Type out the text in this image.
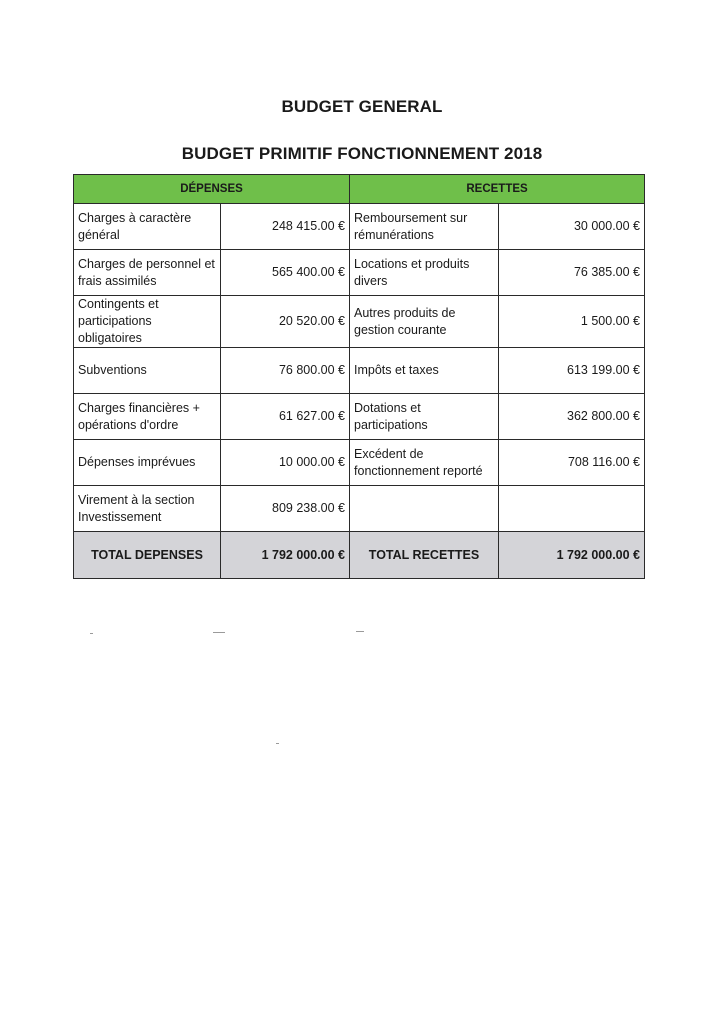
BUDGET GENERAL
BUDGET PRIMITIF FONCTIONNEMENT 2018
DÉPENSES		RECETTES	
Charges à caractère général	248 415.00 €	Remboursement sur rémunérations	30 000.00 €
Charges de personnel et frais assimilés	565 400.00 €	Locations et produits divers	76 385.00 €
Contingents et participations obligatoires	20 520.00 €	Autres produits de gestion courante	1 500.00 €
Subventions	76 800.00 €	Impôts et taxes	613 199.00 €
Charges financières + opérations d'ordre	61 627.00 €	Dotations et participations	362 800.00 €
Dépenses imprévues	10 000.00 €	Excédent de fonctionnement reporté	708 116.00 €
Virement à la section Investissement	809 238.00 €		
TOTAL DEPENSES	1 792 000.00 €	TOTAL RECETTES	1 792 000.00 €
